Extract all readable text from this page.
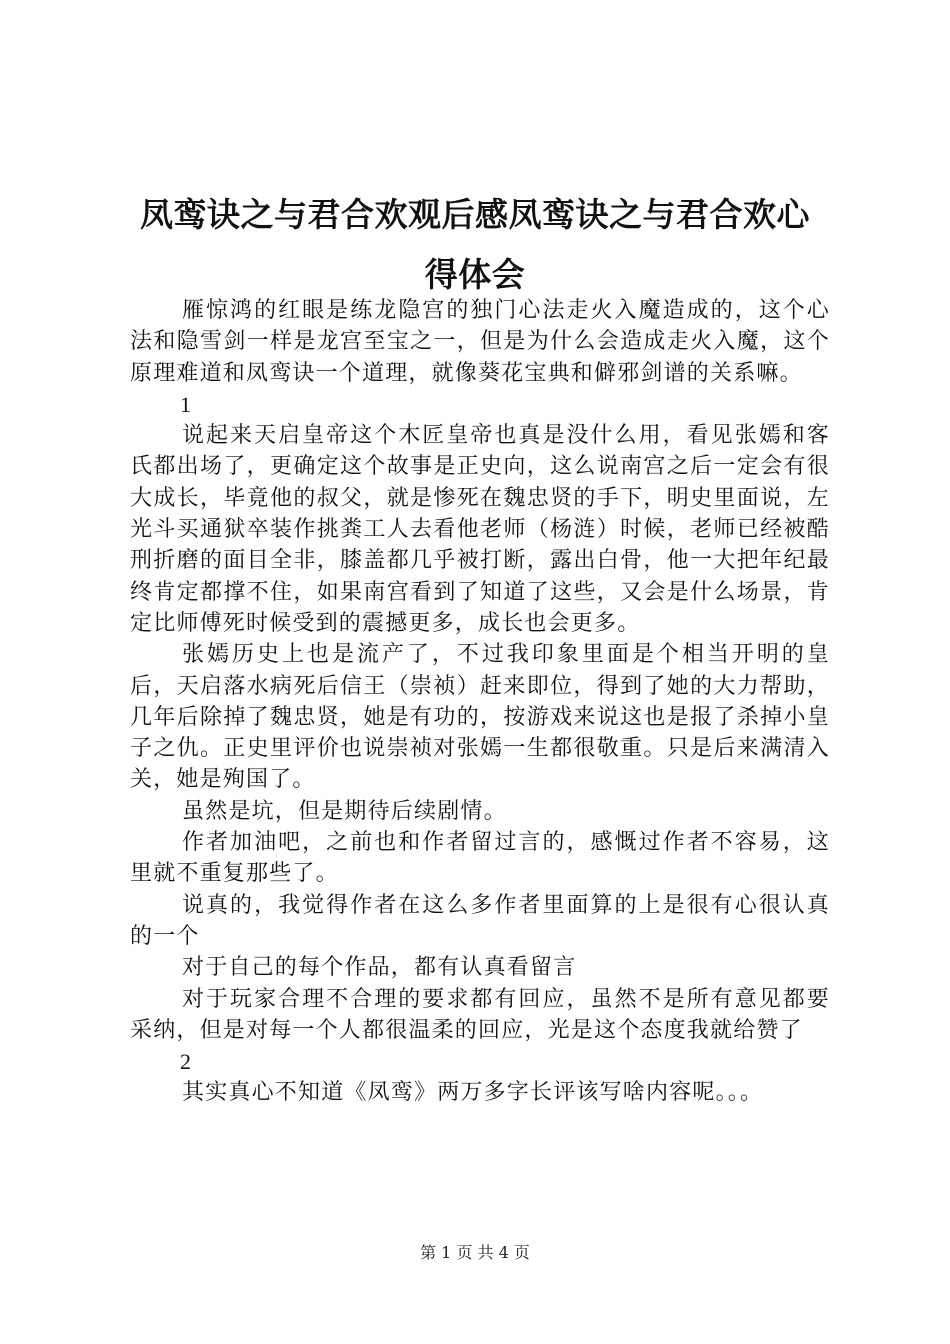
凤鸾诀之与君合欢观后感凤鸾诀之与君合欢心
得体会

雁惊鸿的红眼是练龙隐宫的独门心法走火入魔造成的，这个心法和隐雪剑一样是龙宫至宝之一，但是为什么会造成走火入魔，这个原理难道和凤鸾诀一个道理，就像葵花宝典和僻邪剑谱的关系嘛。

1

说起来天启皇帝这个木匠皇帝也真是没什么用，看见张嫣和客氏都出场了，更确定这个故事是正史向，这么说南宫之后一定会有很大成长，毕竟他的叔父，就是惨死在魏忠贤的手下，明史里面说，左光斗买通狱卒装作挑粪工人去看他老师（杨涟）时候，老师已经被酷刑折磨的面目全非，膝盖都几乎被打断，露出白骨，他一大把年纪最终肯定都撑不住，如果南宫看到了知道了这些，又会是什么场景，肯定比师傅死时候受到的震撼更多，成长也会更多。

张嫣历史上也是流产了，不过我印象里面是个相当开明的皇后，天启落水病死后信王（崇祯）赶来即位，得到了她的大力帮助，几年后除掉了魏忠贤，她是有功的，按游戏来说这也是报了杀掉小皇子之仇。正史里评价也说崇祯对张嫣一生都很敬重。只是后来满清入关，她是殉国了。

虽然是坑，但是期待后续剧情。

作者加油吧，之前也和作者留过言的，感慨过作者不容易，这里就不重复那些了。

说真的，我觉得作者在这么多作者里面算的上是很有心很认真的一个

对于自己的每个作品，都有认真看留言

对于玩家合理不合理的要求都有回应，虽然不是所有意见都要采纳，但是对每一个人都很温柔的回应，光是这个态度我就给赞了

2

其实真心不知道《凤鸾》两万多字长评该写啥内容呢。。。

第 1 页 共 4 页
